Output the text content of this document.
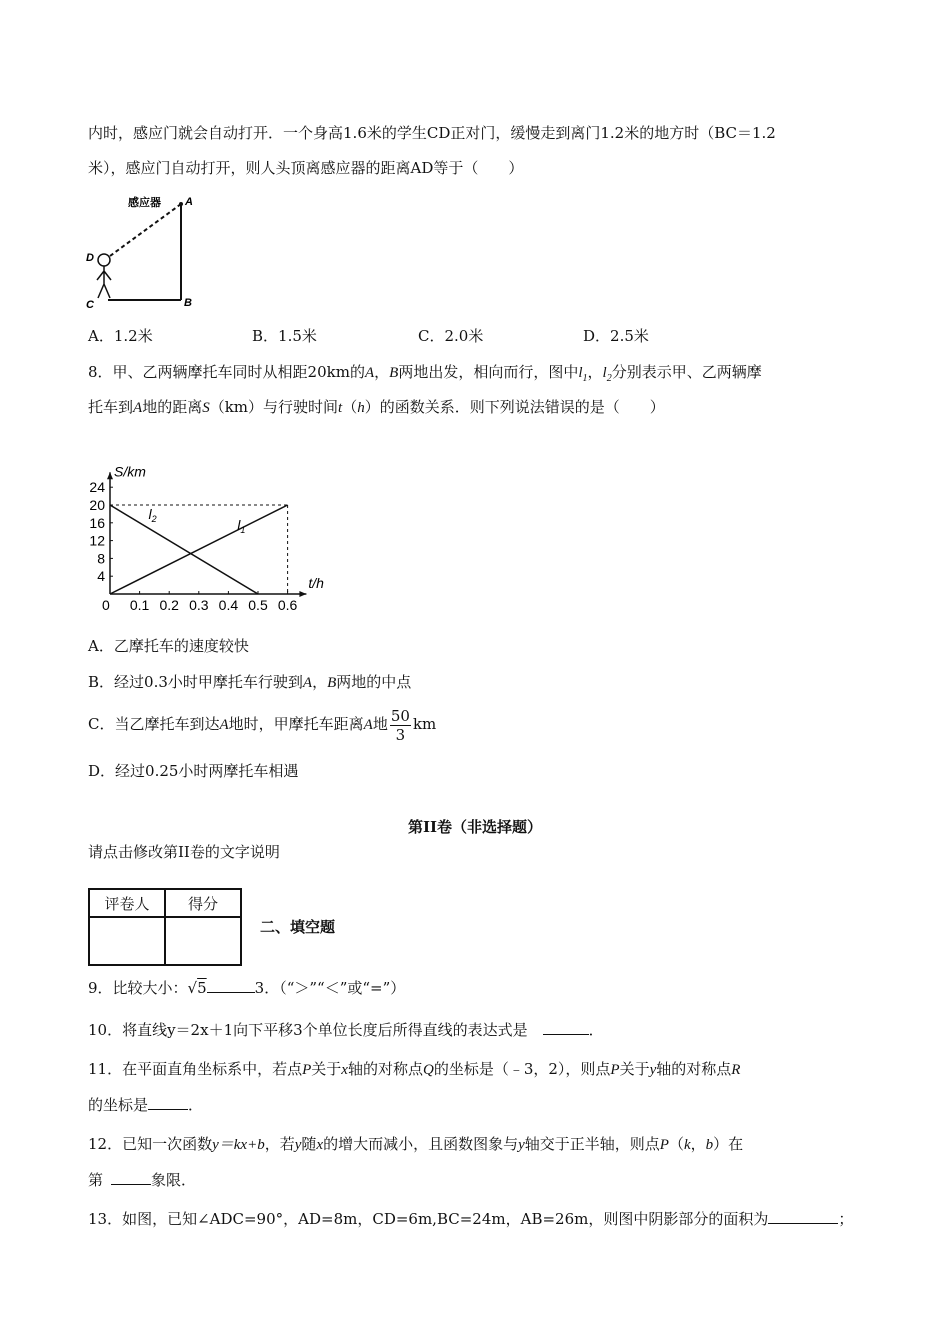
内时，感应门就会自动打开．一个身高1.6米的学生CD正对门，缓慢走到离门1.2米的地方时（BC＝1.2
米），感应门自动打开，则人头顶离感应器的距离AD等于（　　）
感应器 A
D
C	B
A．1.2米	B．1.5米	C．2.0米	D．2.5米
8．甲、乙两辆摩托车同时从相距20km的A，B两地出发，相向而行，图中$l_1$，$l_2$分别表示甲、乙两辆摩
托车到A地的距离S（km）与行驶时间t（h）的函数关系．则下列说法错误的是（　　）
S/km
t/h
0 0.1 0.2 0.3 0.4 0.5 0.6
4
8
12
16
20
24
$l_1$
$l_2$
A．乙摩托车的速度较快
B．经过0.3小时甲摩托车行驶到A，B两地的中点
C．当乙摩托车到达A地时，甲摩托车距离A地 $\frac{50}{3}$ km
D．经过0.25小时两摩托车相遇
第II卷（非选择题）
请点击修改第II卷的文字说明
评卷人	得分

二、填空题
9．比较大小：√5	3．（“＞”“＜”或“=”）
10．将直线y＝2x＋1向下平移3个单位长度后所得直线的表达式是　	．
11．在平面直角坐标系中，若点P关于x轴的对称点Q的坐标是（﹣3，2），则点P关于y轴的对称点R
的坐标是	．
12．已知一次函数y＝kx+b，若y随x的增大而减小，且函数图象与y轴交于正半轴，则点P（k，b）在
第	象限．
13．如图，已知∠ADC=90°，AD=8m，CD=6m,BC=24m，AB=26m，则图中阴影部分的面积为	；
